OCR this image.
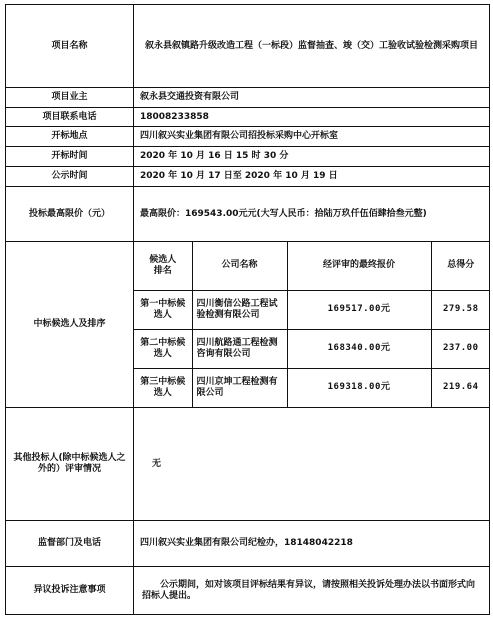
项目名称	叙永县叙镇路升级改造工程（一标段）监督抽查、竣（交）工验收试验检测采购项目

项目业主	叙永县交通投资有限公司
项目联系电话	18008233858
开标地点	四川叙兴实业集团有限公司招投标采购中心开标室
开标时间	2020 年 10 月 16 日 15 时 30 分
公示时间	2020 年 10 月 17 日至 2020 年 10 月 19 日
投标最高限价（元）	最高限价：169543.00元元(大写人民币：拾陆万玖仟伍佰肆拾叁元整)
中标候选人及排序	
候选人排名	公司名称	经评审的最终报价	总得分
第一中标候选人	四川衡信公路工程试验检测有限公司	169517.00元	279.58
第二中标候选人	四川航路通工程检测咨询有限公司	168340.00元	237.00
第三中标候选人	四川京坤工程检测有限公司	169318.00元	219.64

其他投标人(除中标候选人之外的）评审情况	无
监督部门及电话	四川叙兴实业集团有限公司纪检办，18148042218
异议投诉注意事项	公示期间，如对该项目评标结果有异议，请按照相关投诉处理办法以书面形式向招标人提出。
